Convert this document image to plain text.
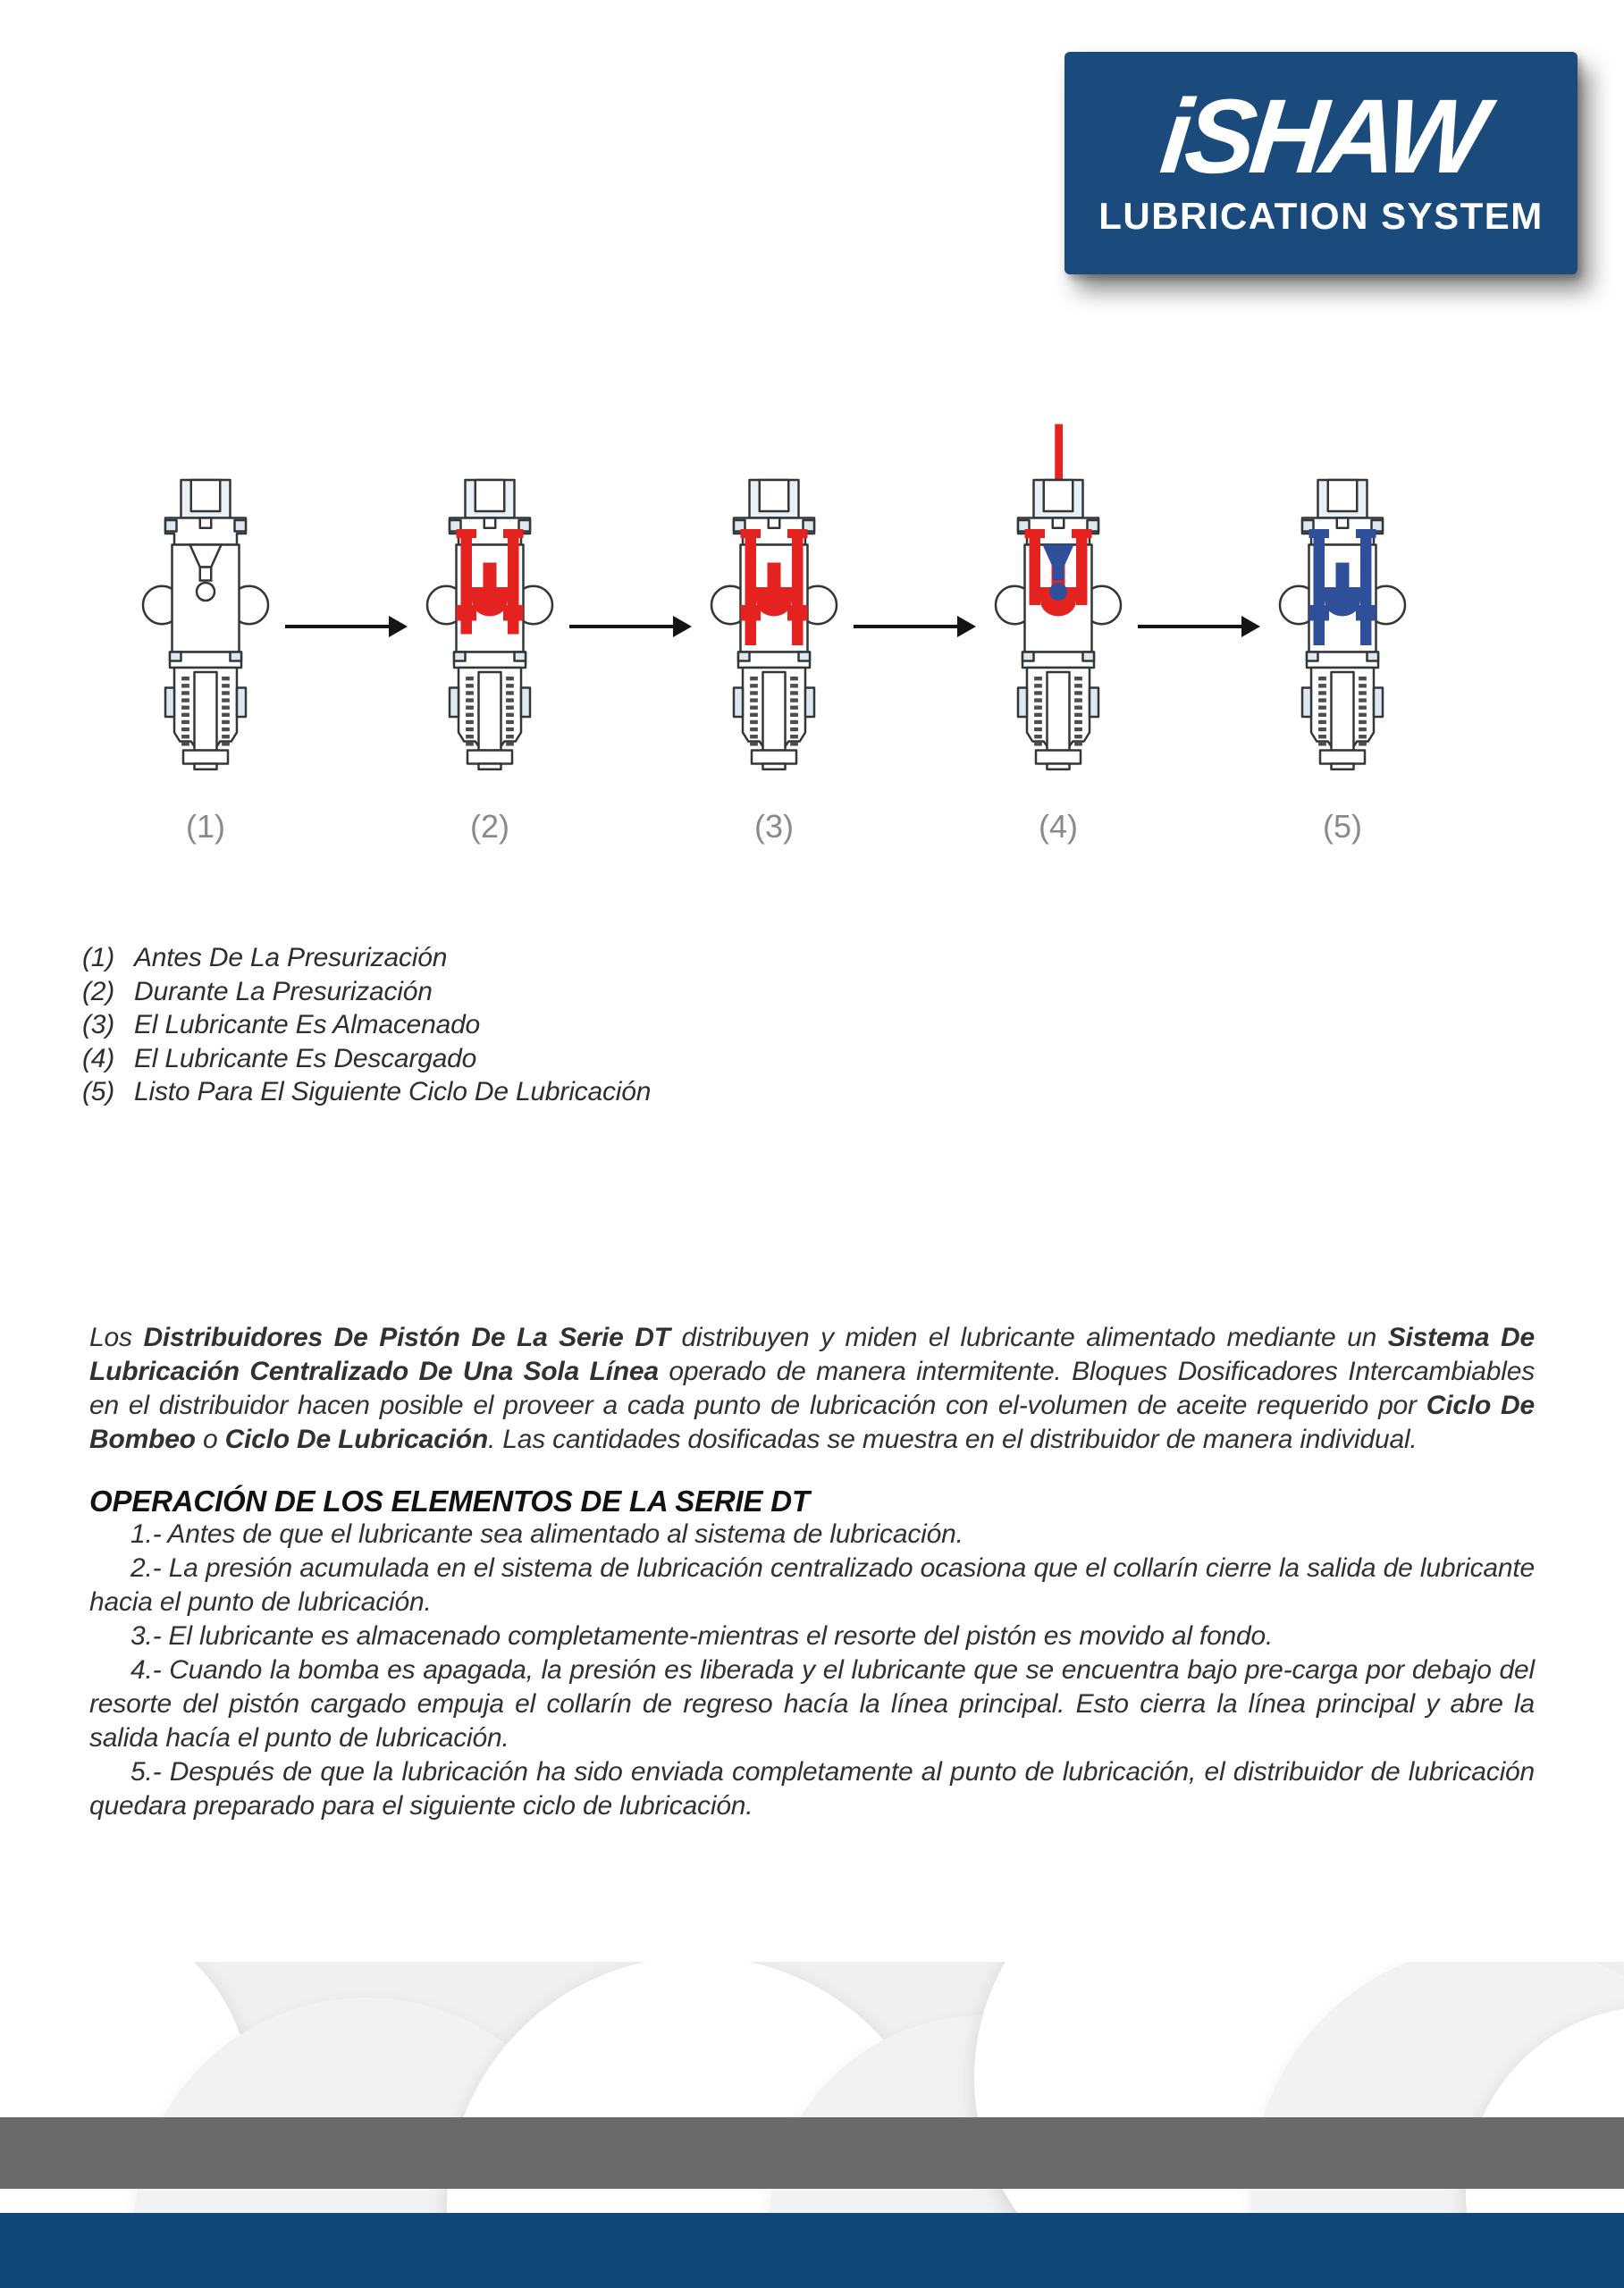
iSHAW
LUBRICATION SYSTEM
(1)	(2)	(3)	(4)	(5)
(1) Antes De La Presurización
(2) Durante La Presurización
(3) El Lubricante Es Almacenado
(4) El Lubricante Es Descargado
(5) Listo Para El Siguiente Ciclo De Lubricación

Los Distribuidores De Pistón De La Serie DT distribuyen y miden el lubricante alimentado mediante un Sistema De Lubricación Centralizado De Una Sola Línea operado de manera intermitente. Bloques Dosificadores Intercambiables en el distribuidor hacen posible el proveer a cada punto de lubricación con el-volumen de aceite requerido por Ciclo De Bombeo o Ciclo De Lubricación. Las cantidades dosificadas se muestra en el distribuidor de manera individual.

OPERACIÓN DE LOS ELEMENTOS DE LA SERIE DT

1.- Antes de que el lubricante sea alimentado al sistema de lubricación.

2.- La presión acumulada en el sistema de lubricación centralizado ocasiona que el collarín cierre la salida de lubricante hacia el punto de lubricación.

3.- El lubricante es almacenado completamente-mientras el resorte del pistón es movido al fondo.

4.- Cuando la bomba es apagada, la presión es liberada y el lubricante que se encuentra bajo pre-carga por debajo del resorte del pistón cargado empuja el collarín de regreso hacía la línea principal. Esto cierra la línea principal y abre la salida hacía el punto de lubricación.

5.- Después de que la lubricación ha sido enviada completamente al punto de lubricación, el distribuidor de lubricación quedara preparado para el siguiente ciclo de lubricación.
